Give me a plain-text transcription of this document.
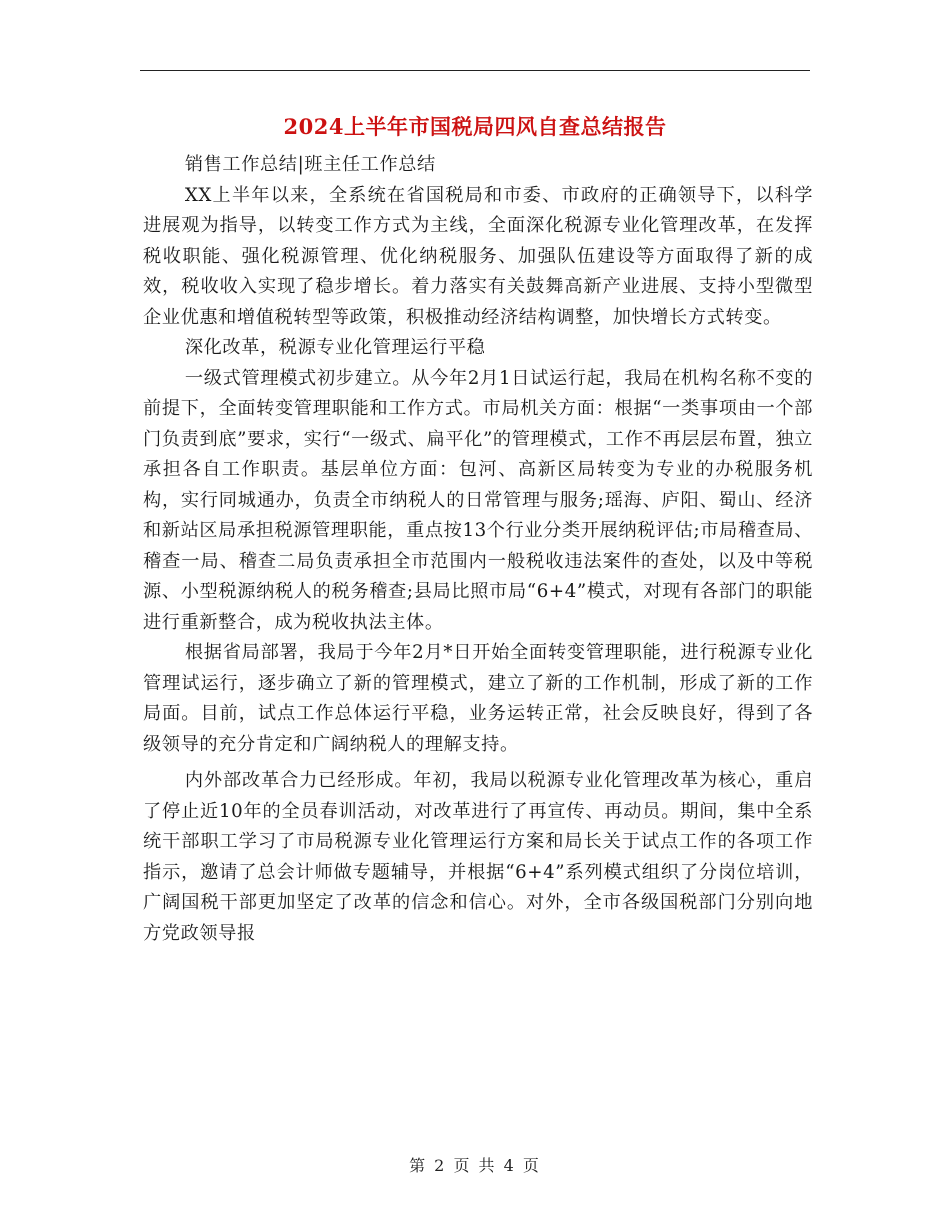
2024上半年市国税局四风自查总结报告

销售工作总结|班主任工作总结

XX上半年以来，全系统在省国税局和市委、市政府的正确领导下，以科学进展观为指导，以转变工作方式为主线，全面深化税源专业化管理改革，在发挥税收职能、强化税源管理、优化纳税服务、加强队伍建设等方面取得了新的成效，税收收入实现了稳步增长。着力落实有关鼓舞高新产业进展、支持小型微型企业优惠和增值税转型等政策，积极推动经济结构调整，加快增长方式转变。

深化改革，税源专业化管理运行平稳

一级式管理模式初步建立。从今年2月1日试运行起，我局在机构名称不变的前提下，全面转变管理职能和工作方式。市局机关方面：根据“一类事项由一个部门负责到底”要求，实行“一级式、扁平化”的管理模式，工作不再层层布置，独立承担各自工作职责。基层单位方面：包河、高新区局转变为专业的办税服务机构，实行同城通办，负责全市纳税人的日常管理与服务;瑶海、庐阳、蜀山、经济和新站区局承担税源管理职能，重点按13个行业分类开展纳税评估;市局稽查局、稽查一局、稽查二局负责承担全市范围内一般税收违法案件的查处，以及中等税源、小型税源纳税人的税务稽查;县局比照市局“6+4”模式，对现有各部门的职能进行重新整合，成为税收执法主体。

根据省局部署，我局于今年2月*日开始全面转变管理职能，进行税源专业化管理试运行，逐步确立了新的管理模式，建立了新的工作机制，形成了新的工作局面。目前，试点工作总体运行平稳，业务运转正常，社会反映良好，得到了各级领导的充分肯定和广阔纳税人的理解支持。

内外部改革合力已经形成。年初，我局以税源专业化管理改革为核心，重启了停止近10年的全员春训活动，对改革进行了再宣传、再动员。期间，集中全系统干部职工学习了市局税源专业化管理运行方案和局长关于试点工作的各项工作指示，邀请了总会计师做专题辅导，并根据“6+4”系列模式组织了分岗位培训，广阔国税干部更加坚定了改革的信念和信心。对外，全市各级国税部门分别向地方党政领导报

第 2 页 共 4 页
